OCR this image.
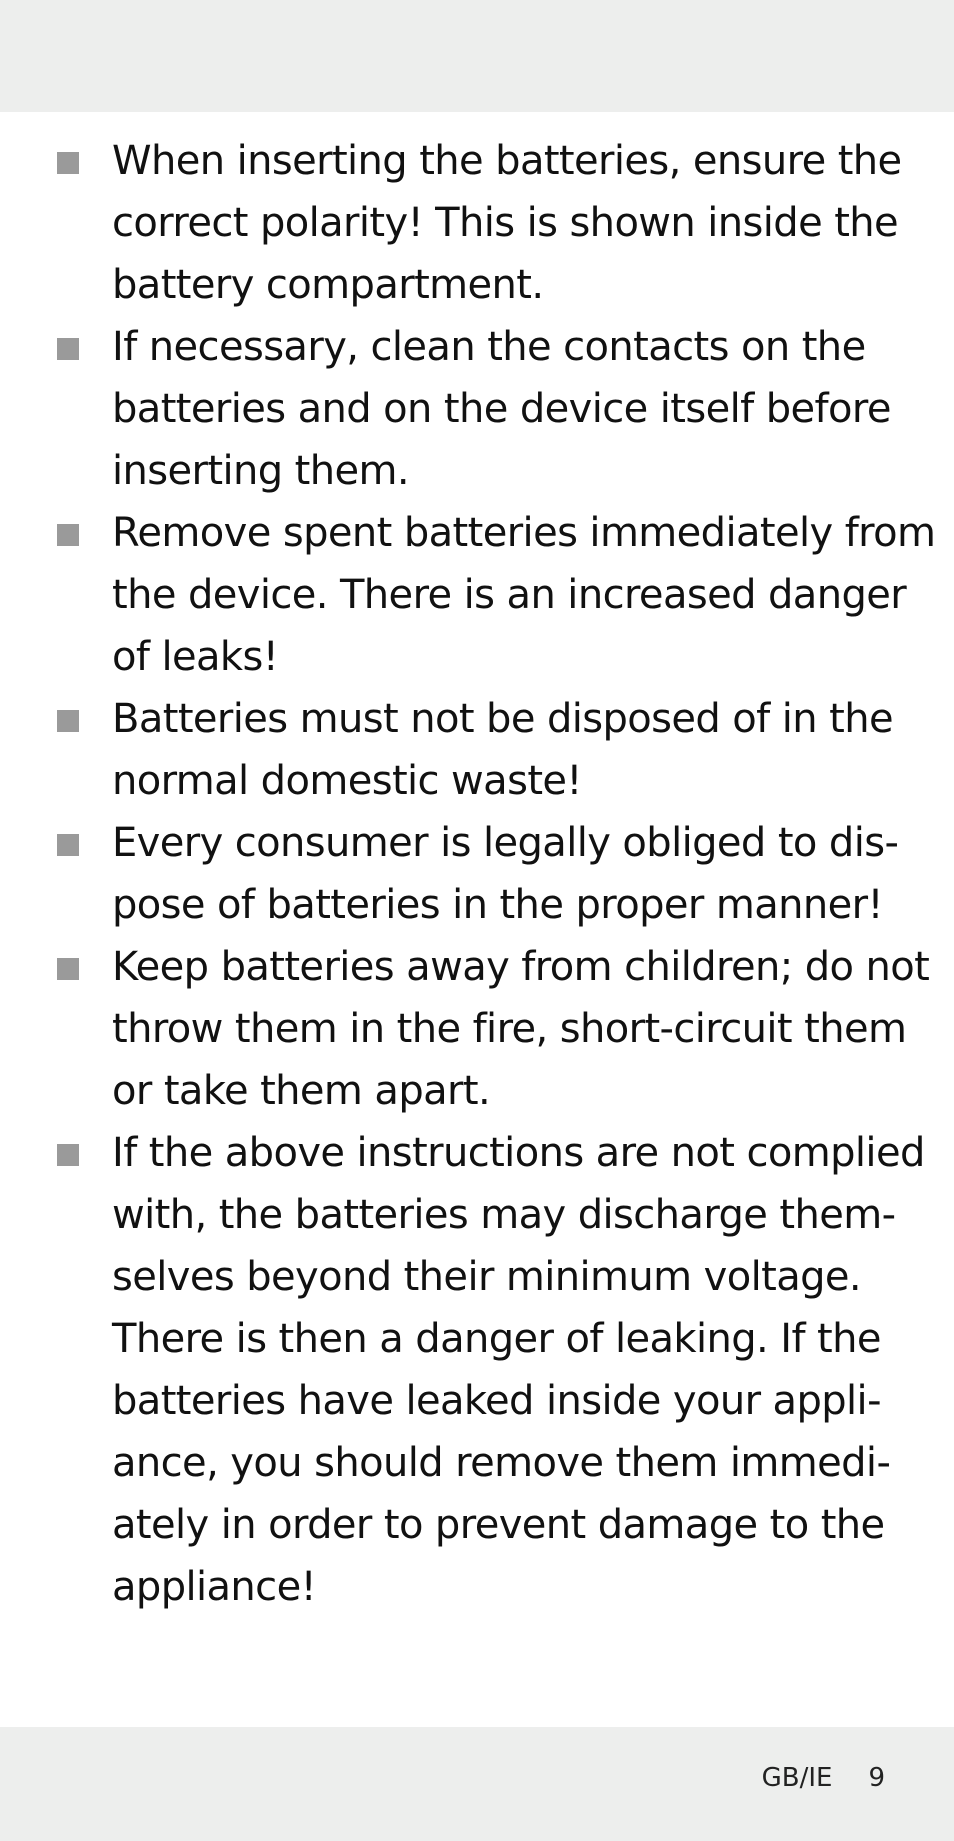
When inserting the batteries, ensure the correct polarity! This is shown inside the battery compartment.
If necessary, clean the contacts on the batteries and on the device itself before inserting them.
Remove spent batteries immediately from the device. There is an increased danger of leaks!
Batteries must not be disposed of in the normal domestic waste!
Every consumer is legally obliged to dispose of batteries in the proper manner!
Keep batteries away from children; do not throw them in the fire, short-circuit them or take them apart.
If the above instructions are not complied with, the batteries may discharge themselves beyond their minimum voltage. There is then a danger of leaking. If the batteries have leaked inside your appliance, you should remove them immediately in order to prevent damage to the appliance!
GB/IE 9
